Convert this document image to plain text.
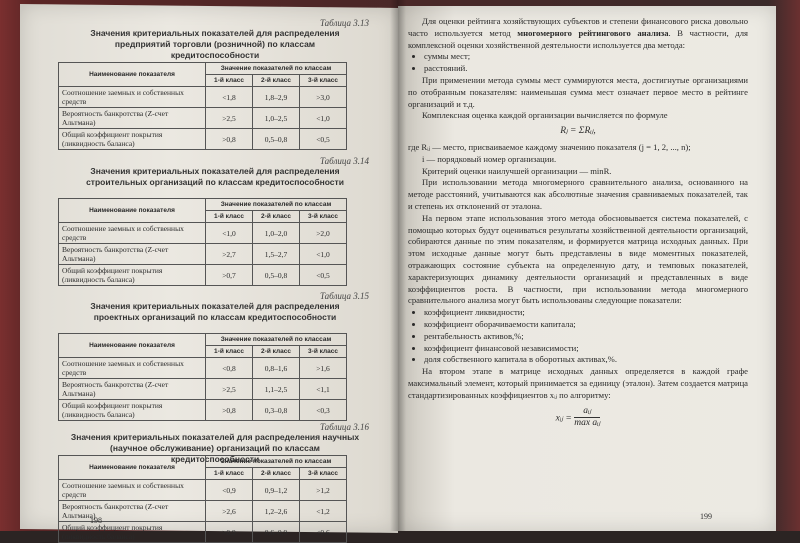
Таблица 3.13
Значения критериальных показателей для распределения предприятий торговли (розничной) по классам кредитоспособности
Наименование показателя	Значение показателей по классам		
	1-й класс	2-й класс	3-й класс
Соотношение заемных и собственных средств	<1,8	1,8–2,9	>3,0
Вероятность банкротства (Z-счет Альтмана)	>2,5	1,0–2,5	<1,0
Общий коэффициент покрытия (ликвидность баланса)	>0,8	0,5–0,8	<0,5
Таблица 3.14
Значения критериальных показателей для распределения строительных организаций по классам кредитоспособности
Наименование показателя	Значение показателей по классам		
	1-й класс	2-й класс	3-й класс
Соотношение заемных и собственных средств	<1,0	1,0–2,0	>2,0
Вероятность банкротства (Z-счет Альтмана)	>2,7	1,5–2,7	<1,0
Общий коэффициент покрытия (ликвидность баланса)	>0,7	0,5–0,8	<0,5
Таблица 3.15
Значения критериальных показателей для распределения проектных организаций по классам кредитоспособности
Наименование показателя	Значение показателей по классам		
	1-й класс	2-й класс	3-й класс
Соотношение заемных и собственных средств	<0,8	0,8–1,6	>1,6
Вероятность банкротства (Z-счет Альтмана)	>2,5	1,1–2,5	<1,1
Общий коэффициент покрытия (ликвидность баланса)	>0,8	0,3–0,8	<0,3
Таблица 3.16
Значения критериальных показателей для распределения научных (научное обслуживание) организаций по классам кредитоспособности
Наименование показателя	Значение показателей по классам		
	1-й класс	2-й класс	3-й класс
Соотношение заемных и собственных средств	<0,9	0,9–1,2	>1,2
Вероятность банкротства (Z-счет Альтмана)	>2,6	1,2–2,6	<1,2
Общий коэффициент покрытия (ликвидность баланса)	>0,9	0,6–0,9	<0,6
198

Для оценки рейтинга хозяйствующих субъектов и степени финансового риска довольно часто используется метод многомерного рейтингового анализа. В частности, для комплексной оценки хозяйственной деятельности используется два метода:

• суммы мест;
• расстояний.

При применении метода суммы мест суммируются места, достигнутые организациями по отобранным показателям: наименьшая сумма мест означает первое место в рейтинге организаций и т.д.

Комплексная оценка каждой организации вычисляется по формуле

Rⱼ = ΣRᵢⱼ,

где Rᵢⱼ — место, присваиваемое каждому значению показателя (j = 1, 2, ..., n);

i — порядковый номер организации.

Критерий оценки наилучшей организации — minR.

При использовании метода многомерного сравнительного анализа, основанного на методе расстояний, учитываются как абсолютные значения сравниваемых показателей, так и степень их отклонений от эталона.

На первом этапе использования этого метода обосновывается система показателей, с помощью которых будут оцениваться результаты хозяйственной деятельности организаций, собираются данные по этим показателям, и формируется матрица исходных данных. При этом исходные данные могут быть представлены в виде моментных показателей, отражающих состояние субъекта на определенную дату, и темповых показателей, характеризующих динамику деятельности организаций и представленных в виде коэффициентов роста. В частности, при использовании метода многомерного сравнительного анализа могут быть использованы следующие показатели:

• коэффициент ликвидности;
• коэффициент оборачиваемости капитала;
• рентабельность активов,%;
• коэффициент финансовой независимости;
• доля собственного капитала в оборотных активах,%.

На втором этапе в матрице исходных данных определяется в каждой графе максимальный элемент, который принимается за единицу (эталон). Затем создается матрица стандартизированных коэффициентов xᵢⱼ по алгоритму:

xᵢⱼ =
aᵢⱼ
max aᵢⱼ
199
